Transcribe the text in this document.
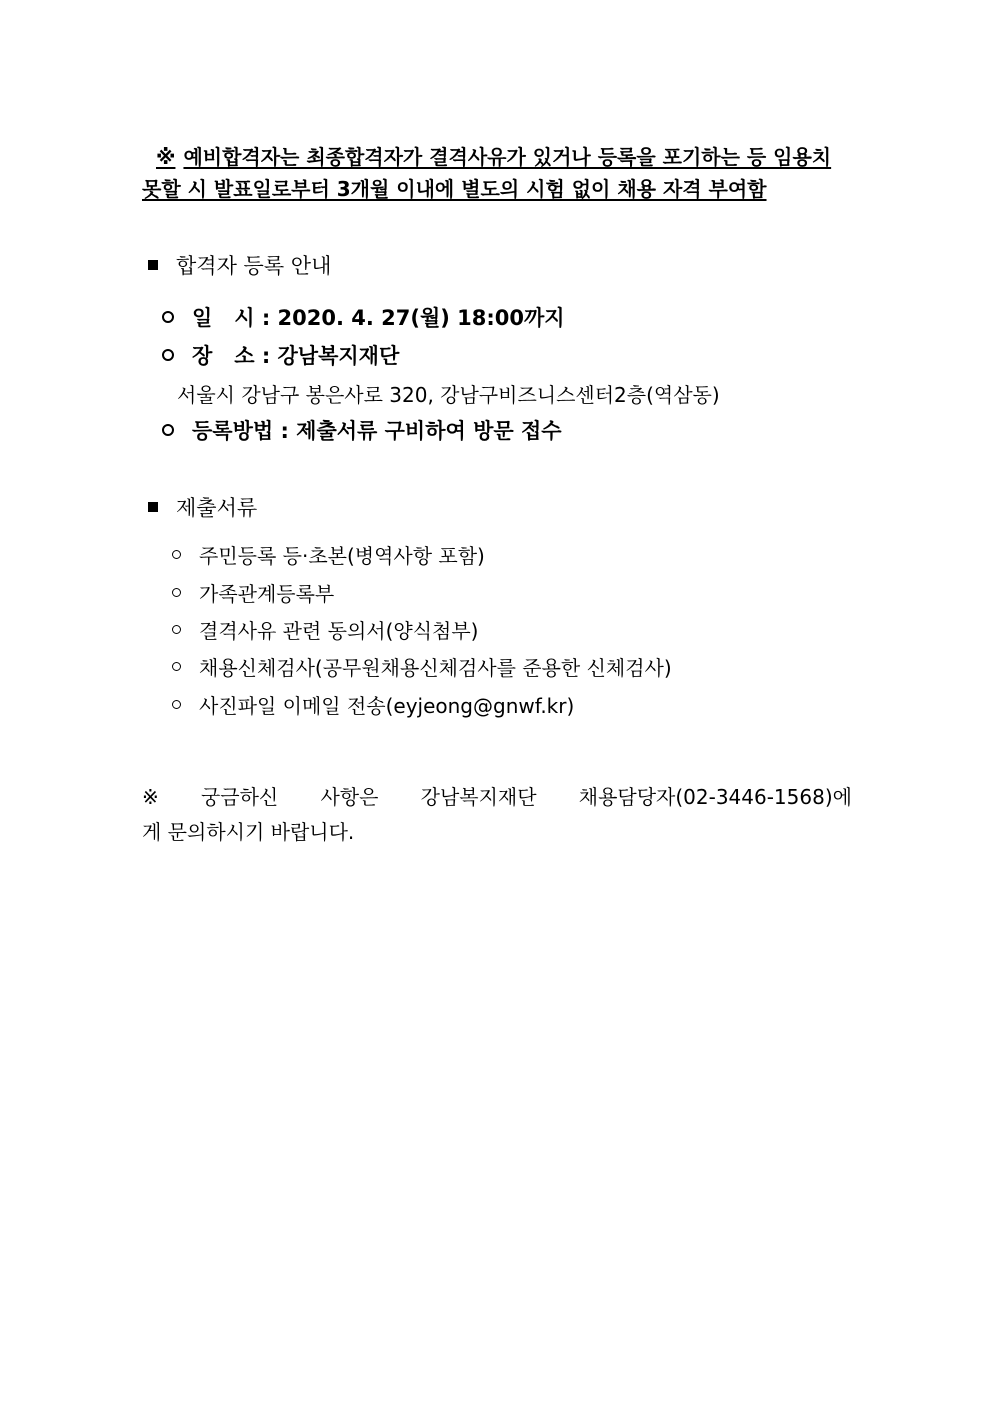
※ 예비합격자는 최종합격자가 결격사유가 있거나 등록을 포기하는 등 임용치 못할 시 발표일로부터 3개월 이내에 별도의 시험 없이 채용 자격 부여함
합격자 등록 안내
일   시 : 2020. 4. 27(월) 18:00까지
장   소 : 강남복지재단
서울시 강남구 봉은사로 320, 강남구비즈니스센터2층(역삼동)
등록방법 : 제출서류 구비하여 방문 접수
제출서류
주민등록 등·초본(병역사항 포함)
가족관계등록부
결격사유 관련 동의서(양식첨부)
채용신체검사(공무원채용신체검사를 준용한 신체검사)
사진파일 이메일 전송(eyjeong@gnwf.kr)
※ 궁금하신 사항은 강남복지재단 채용담당자(02-3446-1568)에
게 문의하시기 바랍니다.
